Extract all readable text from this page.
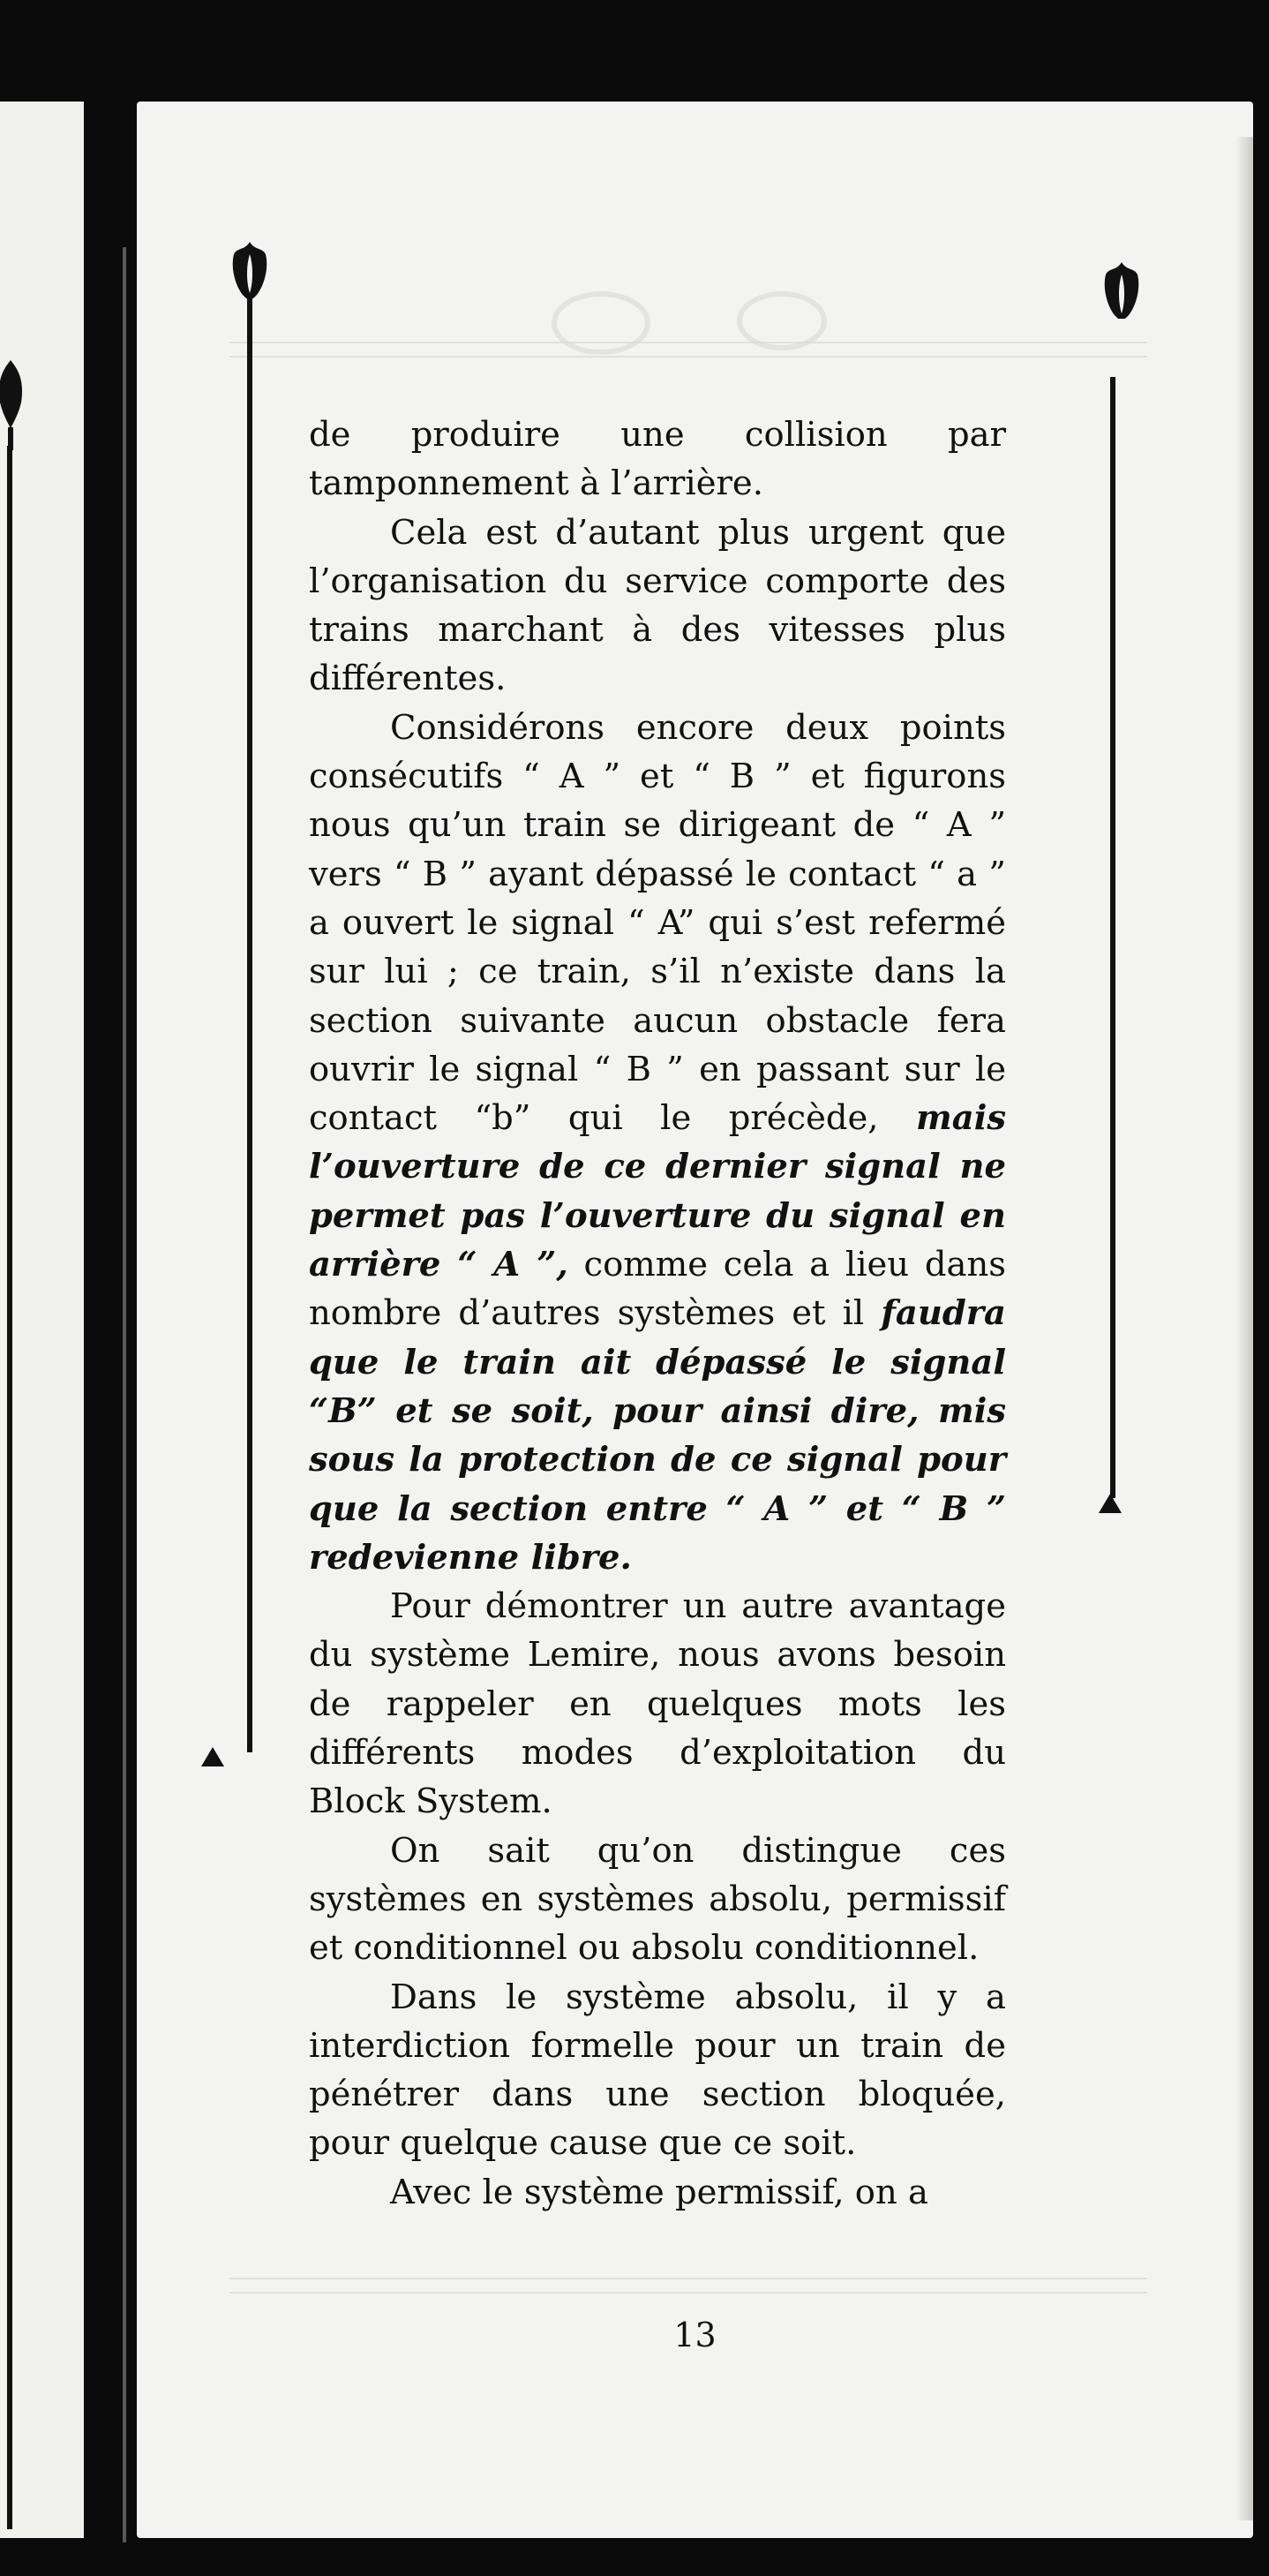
de produire une collision par tamponnement à l’arrière.

Cela est d’autant plus urgent que l’organisation du service comporte des trains marchant à des vitesses plus différentes.

Considérons encore deux points consécutifs “ A ” et “ B ” et figurons nous qu’un train se dirigeant de “ A ” vers “ B ” ayant dépassé le contact “ a ” a ouvert le signal “ A” qui s’est refermé sur lui ; ce train, s’il n’existe dans la section suivante aucun obstacle fera ouvrir le signal “ B ” en passant sur le contact “b” qui le précède, mais l’ouverture de ce dernier signal ne permet pas l’ouverture du signal en arrière “ A ”, comme cela a lieu dans nombre d’autres systèmes et il faudra que le train ait dépassé le signal “B” et se soit, pour ainsi dire, mis sous la protection de ce signal pour que la section entre “ A ” et “ B ” redevienne libre.

Pour démontrer un autre avantage du système Lemire, nous avons besoin de rappeler en quelques mots les différents modes d’exploitation du Block System.

On sait qu’on distingue ces systèmes en systèmes absolu, permissif et conditionnel ou absolu conditionnel.

Dans le système absolu, il y a interdiction formelle pour un train de pénétrer dans une section bloquée, pour quelque cause que ce soit.

Avec le système permissif, on a

13
